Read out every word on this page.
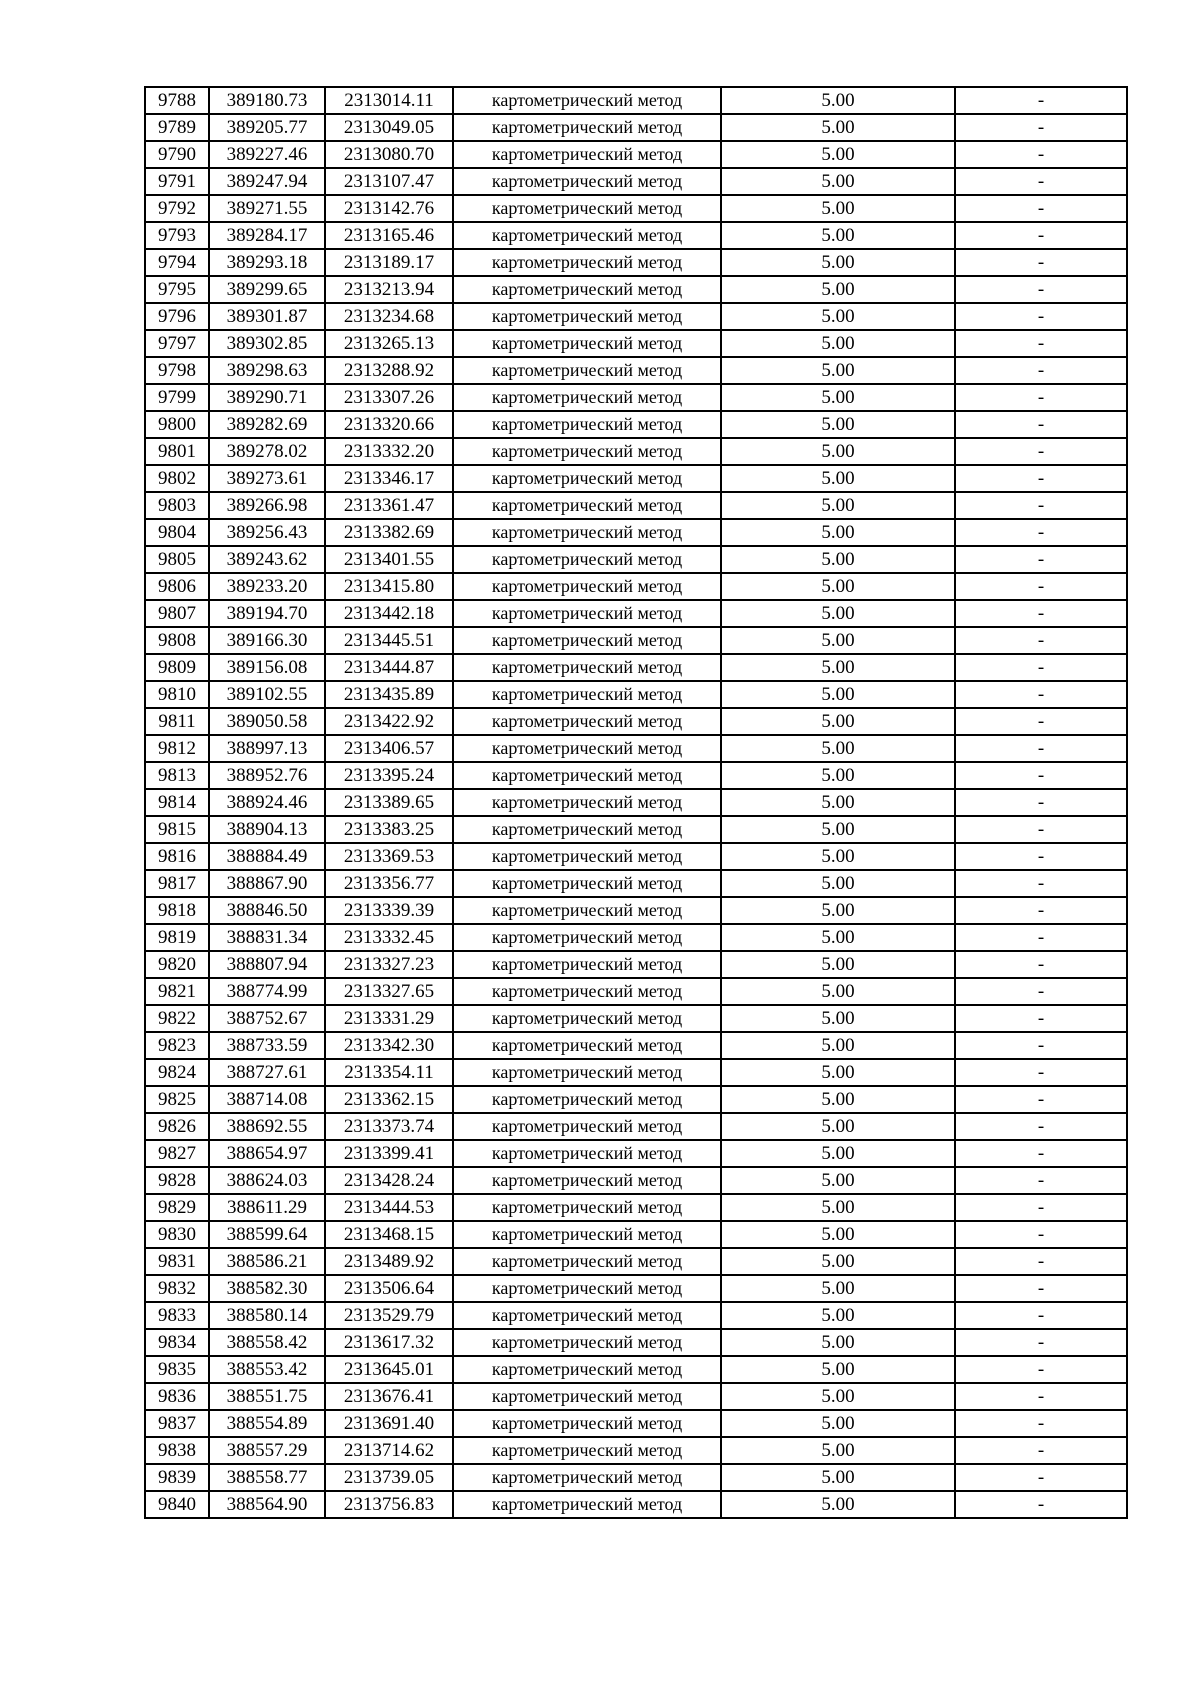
9788	389180.73	2313014.11	картометрический метод	5.00	-
9789	389205.77	2313049.05	картометрический метод	5.00	-
9790	389227.46	2313080.70	картометрический метод	5.00	-
9791	389247.94	2313107.47	картометрический метод	5.00	-
9792	389271.55	2313142.76	картометрический метод	5.00	-
9793	389284.17	2313165.46	картометрический метод	5.00	-
9794	389293.18	2313189.17	картометрический метод	5.00	-
9795	389299.65	2313213.94	картометрический метод	5.00	-
9796	389301.87	2313234.68	картометрический метод	5.00	-
9797	389302.85	2313265.13	картометрический метод	5.00	-
9798	389298.63	2313288.92	картометрический метод	5.00	-
9799	389290.71	2313307.26	картометрический метод	5.00	-
9800	389282.69	2313320.66	картометрический метод	5.00	-
9801	389278.02	2313332.20	картометрический метод	5.00	-
9802	389273.61	2313346.17	картометрический метод	5.00	-
9803	389266.98	2313361.47	картометрический метод	5.00	-
9804	389256.43	2313382.69	картометрический метод	5.00	-
9805	389243.62	2313401.55	картометрический метод	5.00	-
9806	389233.20	2313415.80	картометрический метод	5.00	-
9807	389194.70	2313442.18	картометрический метод	5.00	-
9808	389166.30	2313445.51	картометрический метод	5.00	-
9809	389156.08	2313444.87	картометрический метод	5.00	-
9810	389102.55	2313435.89	картометрический метод	5.00	-
9811	389050.58	2313422.92	картометрический метод	5.00	-
9812	388997.13	2313406.57	картометрический метод	5.00	-
9813	388952.76	2313395.24	картометрический метод	5.00	-
9814	388924.46	2313389.65	картометрический метод	5.00	-
9815	388904.13	2313383.25	картометрический метод	5.00	-
9816	388884.49	2313369.53	картометрический метод	5.00	-
9817	388867.90	2313356.77	картометрический метод	5.00	-
9818	388846.50	2313339.39	картометрический метод	5.00	-
9819	388831.34	2313332.45	картометрический метод	5.00	-
9820	388807.94	2313327.23	картометрический метод	5.00	-
9821	388774.99	2313327.65	картометрический метод	5.00	-
9822	388752.67	2313331.29	картометрический метод	5.00	-
9823	388733.59	2313342.30	картометрический метод	5.00	-
9824	388727.61	2313354.11	картометрический метод	5.00	-
9825	388714.08	2313362.15	картометрический метод	5.00	-
9826	388692.55	2313373.74	картометрический метод	5.00	-
9827	388654.97	2313399.41	картометрический метод	5.00	-
9828	388624.03	2313428.24	картометрический метод	5.00	-
9829	388611.29	2313444.53	картометрический метод	5.00	-
9830	388599.64	2313468.15	картометрический метод	5.00	-
9831	388586.21	2313489.92	картометрический метод	5.00	-
9832	388582.30	2313506.64	картометрический метод	5.00	-
9833	388580.14	2313529.79	картометрический метод	5.00	-
9834	388558.42	2313617.32	картометрический метод	5.00	-
9835	388553.42	2313645.01	картометрический метод	5.00	-
9836	388551.75	2313676.41	картометрический метод	5.00	-
9837	388554.89	2313691.40	картометрический метод	5.00	-
9838	388557.29	2313714.62	картометрический метод	5.00	-
9839	388558.77	2313739.05	картометрический метод	5.00	-
9840	388564.90	2313756.83	картометрический метод	5.00	-
